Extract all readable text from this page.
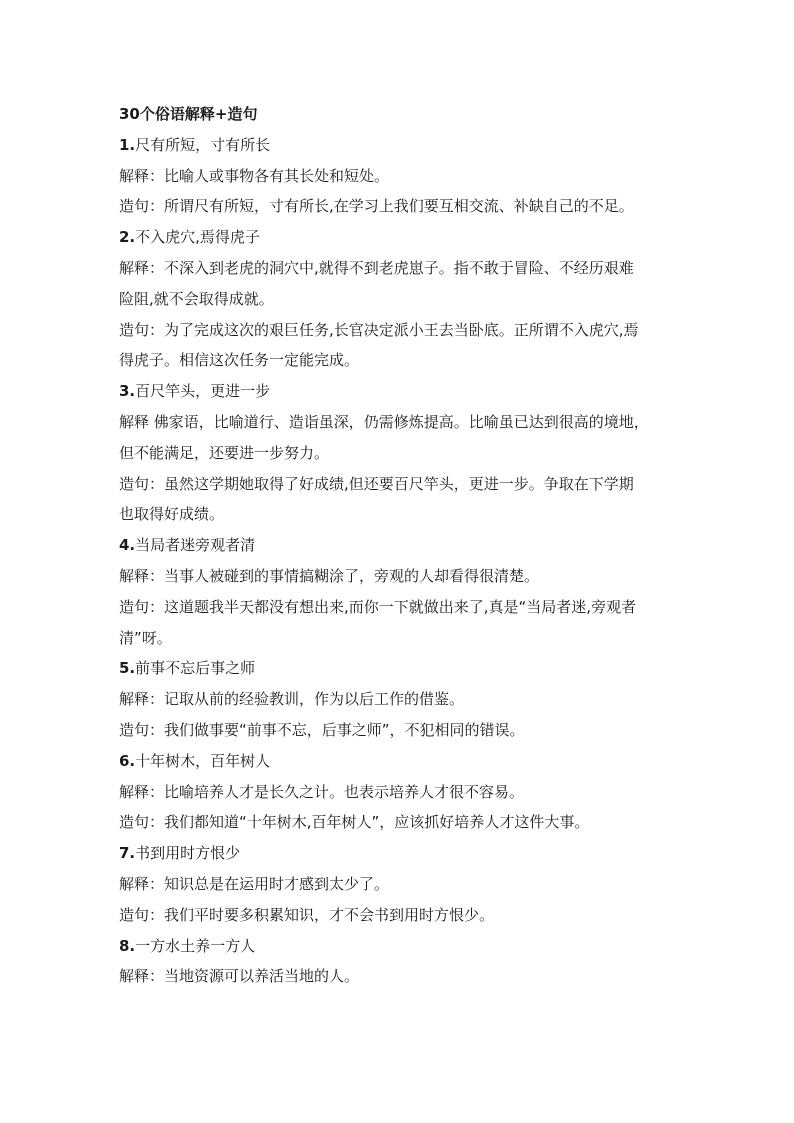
30个俗语解释+造句
1.尺有所短，寸有所长
解释：比喻人或事物各有其长处和短处。
造句：所谓尺有所短，寸有所长,在学习上我们要互相交流、补缺自己的不足。
2.不入虎穴,焉得虎子
解释：不深入到老虎的洞穴中,就得不到老虎崽子。指不敢于冒险、不经历艰难
险阻,就不会取得成就。
造句：为了完成这次的艰巨任务,长官决定派小王去当卧底。正所谓不入虎穴,焉
得虎子。相信这次任务一定能完成。
3.百尺竿头，更进一步
解释 佛家语，比喻道行、造诣虽深，仍需修炼提高。比喻虽已达到很高的境地，
但不能满足，还要进一步努力。
造句：虽然这学期她取得了好成绩,但还要百尺竿头，更进一步。争取在下学期
也取得好成绩。
4.当局者迷旁观者清
解释：当事人被碰到的事情搞糊涂了，旁观的人却看得很清楚。
造句：这道题我半天都没有想出来,而你一下就做出来了,真是“当局者迷,旁观者
清”呀。
5.前事不忘后事之师
解释：记取从前的经验教训，作为以后工作的借鉴。
造句：我们做事要“前事不忘，后事之师”，不犯相同的错误。
6.十年树木，百年树人
解释：比喻培养人才是长久之计。也表示培养人才很不容易。
造句：我们都知道“十年树木,百年树人”，应该抓好培养人才这件大事。
7.书到用时方恨少
解释：知识总是在运用时才感到太少了。
造句：我们平时要多积累知识，才不会书到用时方恨少。
8.一方水土养一方人
解释：当地资源可以养活当地的人。
